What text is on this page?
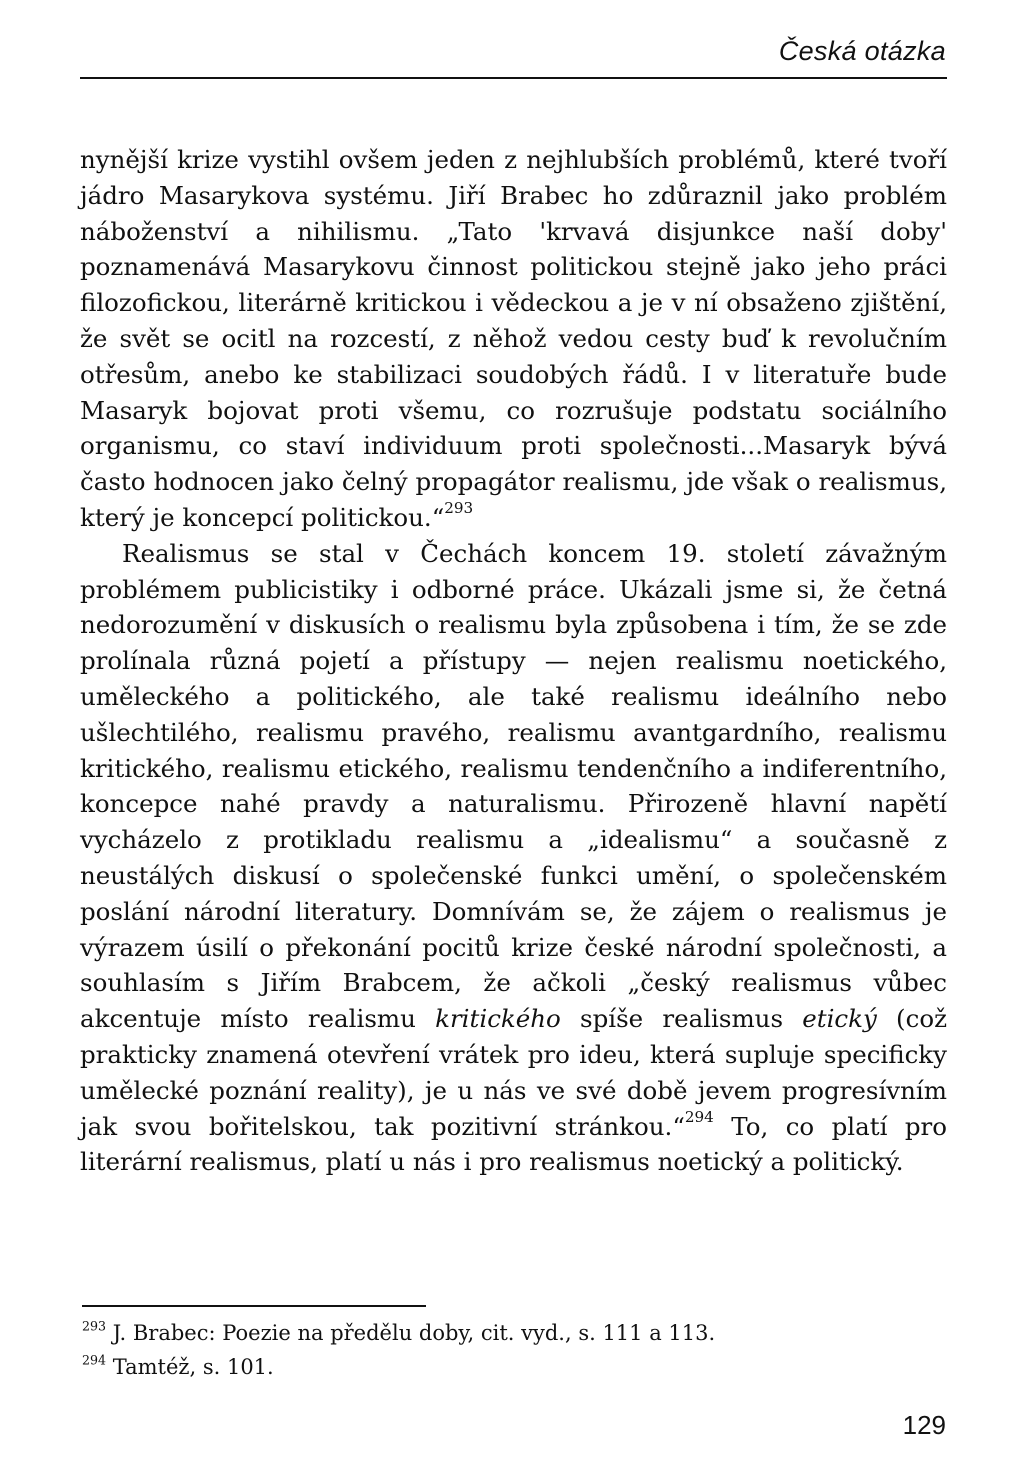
Česká otázka

nynější krize vystihl ovšem jeden z nejhlubších problémů, které tvoří jádro Masarykova systému. Jiří Brabec ho zdůraznil jako problém náboženství a nihilismu. „Tato 'krvavá disjunkce naší doby' poznamenává Masarykovu činnost politickou stejně jako jeho práci filozofickou, literárně kritickou i vědeckou a je v ní obsaženo zjištění, že svět se ocitl na rozcestí, z něhož vedou cesty buď k revolučním otřesům, anebo ke stabilizaci soudobých řádů. I v literatuře bude Masaryk bojovat proti všemu, co rozrušuje podstatu sociálního organismu, co staví individuum proti společnosti...Masaryk bývá často hodnocen jako čelný propagátor realismu, jde však o realismus, který je koncepcí politickou.“$^{293}$

Realismus se stal v Čechách koncem 19. století závažným problémem publicistiky i odborné práce. Ukázali jsme si, že četná nedorozumění v diskusích o realismu byla způsobena i tím, že se zde prolínala různá pojetí a přístupy — nejen realismu noetického, uměleckého a politického, ale také realismu ideálního nebo ušlechtilého, realismu pravého, realismu avantgardního, realismu kritického, realismu etického, realismu tendenčního a indiferentního, koncepce nahé pravdy a naturalismu. Přirozeně hlavní napětí vycházelo z protikladu realismu a „idealismu“ a současně z neustálých diskusí o společenské funkci umění, o společenském poslání národní literatury. Domnívám se, že zájem o realismus je výrazem úsilí o překonání pocitů krize české národní společnosti, a souhlasím s Jiřím Brabcem, že ačkoli „český realismus vůbec akcentuje místo realismu kritického spíše realismus etický (což prakticky znamená otevření vrátek pro ideu, která supluje specificky umělecké poznání reality), je u nás ve své době jevem progresívním jak svou bořitelskou, tak pozitivní stránkou.“$^{294}$ To, co platí pro literární realismus, platí u nás i pro realismus noetický a politický.

$^{293}$ J. Brabec: Poezie na předělu doby, cit. vyd., s. 111 a 113.

$^{294}$ Tamtéž, s. 101.

129
